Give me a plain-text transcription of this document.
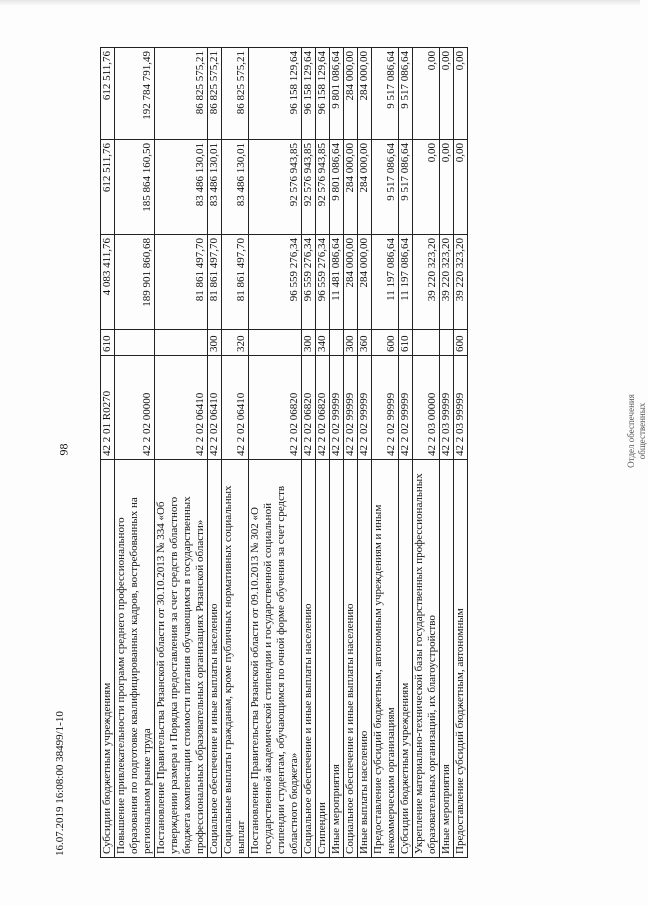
98	Отдел обеспечения
общественных
16.07.2019 16:08:00 38499/1-10	Субсидии бюджетным учреждениям	42 2 01 R0270	610	4 083 411,76	612 511,76	612 511,76
Повышение привлекательности программ среднего профессионального образования по подготовке квалифицированных кадров, востребованных на региональном рынке труда	42 2 02 00000		189 901 860,68	185 864 160,50	192 784 791,49
Постановление Правительства Рязанской области от 30.10.2013 № 334 «Об утверждении размера и Порядка предоставления за счет средств областного бюджета компенсации стоимости питания обучающимся в государственных профессиональных образовательных организациях Рязанской области»	42 2 02 06410		81 861 497,70	83 486 130,01	86 825 575,21
Социальное обеспечение и иные выплаты населению	42 2 02 06410	300	81 861 497,70	83 486 130,01	86 825 575,21
Социальные выплаты гражданам, кроме публичных нормативных социальных выплат	42 2 02 06410	320	81 861 497,70	83 486 130,01	86 825 575,21
Постановление Правительства Рязанской области от 09.10.2013 № 302 «О государственной академической стипендии и государственной социальной стипендии студентам, обучающимся по очной форме обучения за счет средств областного бюджета»	42 2 02 06820		96 559 276,34	92 576 943,85	96 158 129,64
Социальное обеспечение и иные выплаты населению	42 2 02 06820	300	96 559 276,34	92 576 943,85	96 158 129,64
Стипендии	42 2 02 06820	340	96 559 276,34	92 576 943,85	96 158 129,64
Иные мероприятия	42 2 02 99999		11 481 086,64	9 801 086,64	9 801 086,64
Социальное обеспечение и иные выплаты населению	42 2 02 99999	300	284 000,00	284 000,00	284 000,00
Иные выплаты населению	42 2 02 99999	360	284 000,00	284 000,00	284 000,00
Предоставление субсидий бюджетным, автономным учреждениям и иным некоммерческим организациям	42 2 02 99999	600	11 197 086,64	9 517 086,64	9 517 086,64
Субсидии бюджетным учреждениям	42 2 02 99999	610	11 197 086,64	9 517 086,64	9 517 086,64
Укрепление материально-технической базы государственных профессиональных образовательных организаций, их благоустройство	42 2 03 00000		39 220 323,20	0,00	0,00
Иные мероприятия	42 2 03 99999		39 220 323,20	0,00	0,00
Предоставление субсидий бюджетным, автономным	42 2 03 99999	600	39 220 323,20	0,00	0,00
